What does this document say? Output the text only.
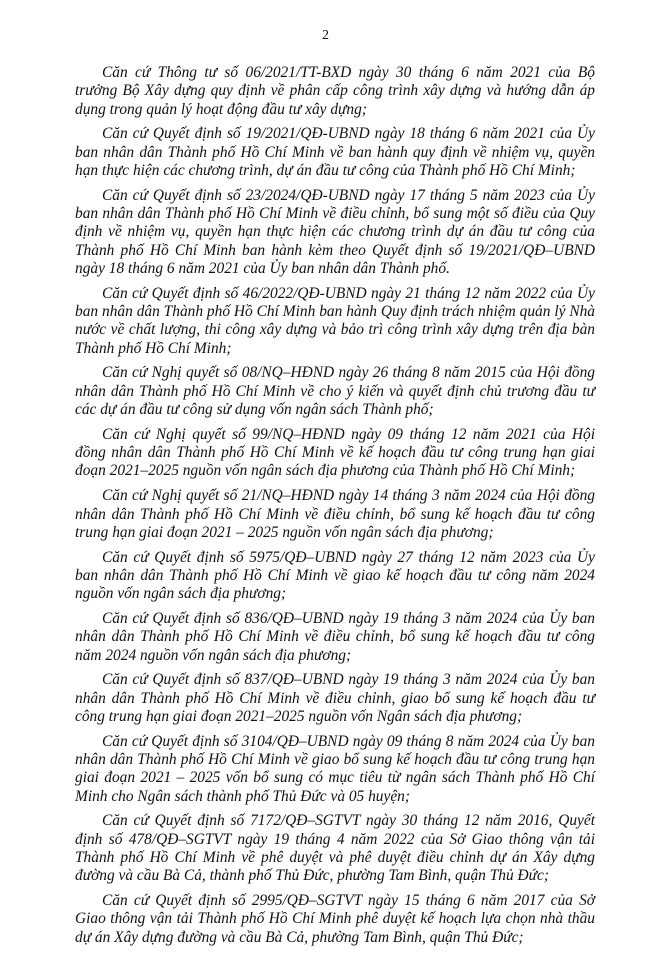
2

Căn cứ Thông tư số 06/2021/TT-BXD ngày 30 tháng 6 năm 2021 của Bộ trưởng Bộ Xây dựng quy định về phân cấp công trình xây dựng và hướng dẫn áp dụng trong quản lý hoạt động đầu tư xây dựng;

Căn cứ Quyết định số 19/2021/QĐ-UBND ngày 18 tháng 6 năm 2021 của Ủy ban nhân dân Thành phố Hồ Chí Minh về ban hành quy định về nhiệm vụ, quyền hạn thực hiện các chương trình, dự án đầu tư công của Thành phố Hồ Chí Minh;

Căn cứ Quyết định số 23/2024/QĐ-UBND ngày 17 tháng 5 năm 2023 của Ủy ban nhân dân Thành phố Hồ Chí Minh về điều chỉnh, bổ sung một số điều của Quy định về nhiệm vụ, quyền hạn thực hiện các chương trình dự án đầu tư công của Thành phố Hồ Chí Minh ban hành kèm theo Quyết định số 19/2021/QĐ–UBND ngày 18 tháng 6 năm 2021 của Ủy ban nhân dân Thành phố.

Căn cứ Quyết định số 46/2022/QĐ-UBND ngày 21 tháng 12 năm 2022 của Ủy ban nhân dân Thành phố Hồ Chí Minh ban hành Quy định trách nhiệm quản lý Nhà nước về chất lượng, thi công xây dựng và bảo trì công trình xây dựng trên địa bàn Thành phố Hồ Chí Minh;

Căn cứ Nghị quyết số 08/NQ–HĐND ngày 26 tháng 8 năm 2015 của Hội đồng nhân dân Thành phố Hồ Chí Minh về cho ý kiến và quyết định chủ trương đầu tư các dự án đầu tư công sử dụng vốn ngân sách Thành phố;

Căn cứ Nghị quyết số 99/NQ–HĐND ngày 09 tháng 12 năm 2021 của Hội đồng nhân dân Thành phố Hồ Chí Minh về kế hoạch đầu tư công trung hạn giai đoạn 2021–2025 nguồn vốn ngân sách địa phương của Thành phố Hồ Chí Minh;

Căn cứ Nghị quyết số 21/NQ–HĐND ngày 14 tháng 3 năm 2024 của Hội đồng nhân dân Thành phố Hồ Chí Minh về điều chỉnh, bổ sung kế hoạch đầu tư công trung hạn giai đoạn 2021 – 2025 nguồn vốn ngân sách địa phương;

Căn cứ Quyết định số 5975/QĐ–UBND ngày 27 tháng 12 năm 2023 của Ủy ban nhân dân Thành phố Hồ Chí Minh về giao kế hoạch đầu tư công năm 2024 nguồn vốn ngân sách địa phương;

Căn cứ Quyết định số 836/QĐ–UBND ngày 19 tháng 3 năm 2024 của Ủy ban nhân dân Thành phố Hồ Chí Minh về điều chỉnh, bổ sung kế hoạch đầu tư công năm 2024 nguồn vốn ngân sách địa phương;

Căn cứ Quyết định số 837/QĐ–UBND ngày 19 tháng 3 năm 2024 của Ủy ban nhân dân Thành phố Hồ Chí Minh về điều chỉnh, giao bổ sung kế hoạch đầu tư công trung hạn giai đoạn 2021–2025 nguồn vốn Ngân sách địa phương;

Căn cứ Quyết định số 3104/QĐ–UBND ngày 09 tháng 8 năm 2024 của Ủy ban nhân dân Thành phố Hồ Chí Minh về giao bổ sung kế hoạch đầu tư công trung hạn giai đoạn 2021 – 2025 vốn bổ sung có mục tiêu từ ngân sách Thành phố Hồ Chí Minh cho Ngân sách thành phố Thủ Đức và 05 huyện;

Căn cứ Quyết định số 7172/QĐ–SGTVT ngày 30 tháng 12 năm 2016, Quyết định số 478/QĐ–SGTVT ngày 19 tháng 4 năm 2022 của Sở Giao thông vận tải Thành phố Hồ Chí Minh về phê duyệt và phê duyệt điều chỉnh dự án Xây dựng đường và cầu Bà Cả, thành phố Thủ Đức, phường Tam Bình, quận Thủ Đức;

Căn cứ Quyết định số 2995/QĐ–SGTVT ngày 15 tháng 6 năm 2017 của Sở Giao thông vận tải Thành phố Hồ Chí Minh phê duyệt kế hoạch lựa chọn nhà thầu dự án Xây dựng đường và cầu Bà Cả, phường Tam Bình, quận Thủ Đức;
